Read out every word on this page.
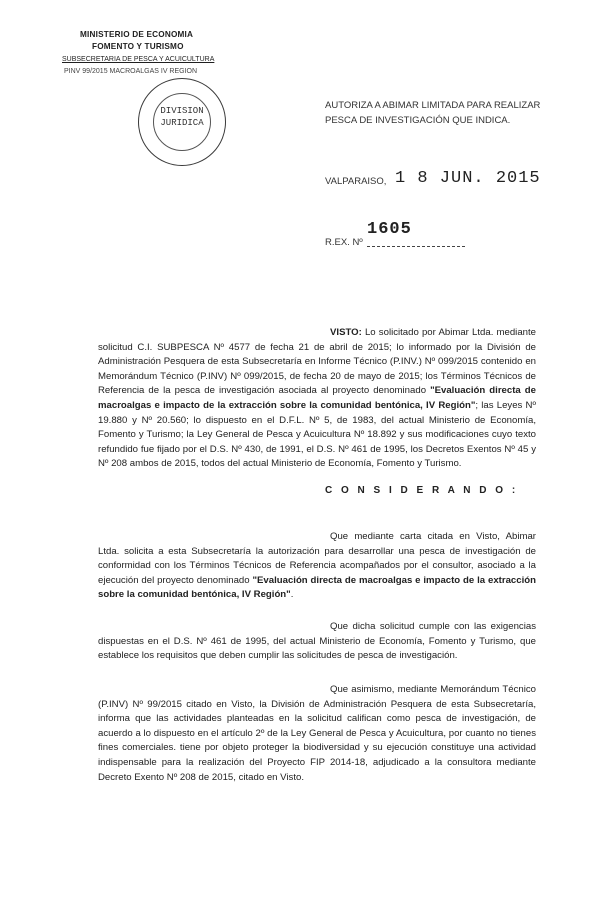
MINISTERIO DE ECONOMIA
FOMENTO Y TURISMO
SUBSECRETARIA DE PESCA Y ACUICULTURA
PINV 99/2015 MACROALGAS IV REGION
DIVISION
JURIDICA
AUTORIZA A ABIMAR LIMITADA PARA REALIZAR PESCA DE INVESTIGACIÓN QUE INDICA.
VALPARAISO, 1 8 JUN. 2015
R.EX. Nº
1605
VISTO: Lo solicitado por Abimar Ltda. mediante solicitud C.I. SUBPESCA Nº 4577 de fecha 21 de abril de 2015; lo informado por la División de Administración Pesquera de esta Subsecretaría en Informe Técnico (P.INV.) Nº 099/2015 contenido en Memorándum Técnico (P.INV) Nº 099/2015, de fecha 20 de mayo de 2015; los Términos Técnicos de Referencia de la pesca de investigación asociada al proyecto denominado "Evaluación directa de macroalgas e impacto de la extracción sobre la comunidad bentónica, IV Región"; las Leyes Nº 19.880 y Nº 20.560; lo dispuesto en el D.F.L. Nº 5, de 1983, del actual Ministerio de Economía, Fomento y Turismo; la Ley General de Pesca y Acuicultura Nº 18.892 y sus modificaciones cuyo texto refundido fue fijado por el D.S. Nº 430, de 1991, el D.S. Nº 461 de 1995, los Decretos Exentos Nº 45 y Nº 208 ambos de 2015, todos del actual Ministerio de Economía, Fomento y Turismo.
C O N S I D E R A N D O :
Que mediante carta citada en Visto, Abimar Ltda. solicita a esta Subsecretaría la autorización para desarrollar una pesca de investigación de conformidad con los Términos Técnicos de Referencia acompañados por el consultor, asociado a la ejecución del proyecto denominado "Evaluación directa de macroalgas e impacto de la extracción sobre la comunidad bentónica, IV Región".
Que dicha solicitud cumple con las exigencias dispuestas en el D.S. Nº 461 de 1995, del actual Ministerio de Economía, Fomento y Turismo, que establece los requisitos que deben cumplir las solicitudes de pesca de investigación.
Que asimismo, mediante Memorándum Técnico (P.INV) Nº 99/2015 citado en Visto, la División de Administración Pesquera de esta Subsecretaría, informa que las actividades planteadas en la solicitud califican como pesca de investigación, de acuerdo a lo dispuesto en el artículo 2º de la Ley General de Pesca y Acuicultura, por cuanto no tienes fines comerciales. tiene por objeto proteger la biodiversidad y su ejecución constituye una actividad indispensable para la realización del Proyecto FIP 2014-18, adjudicado a la consultora mediante Decreto Exento Nº 208 de 2015, citado en Visto.
